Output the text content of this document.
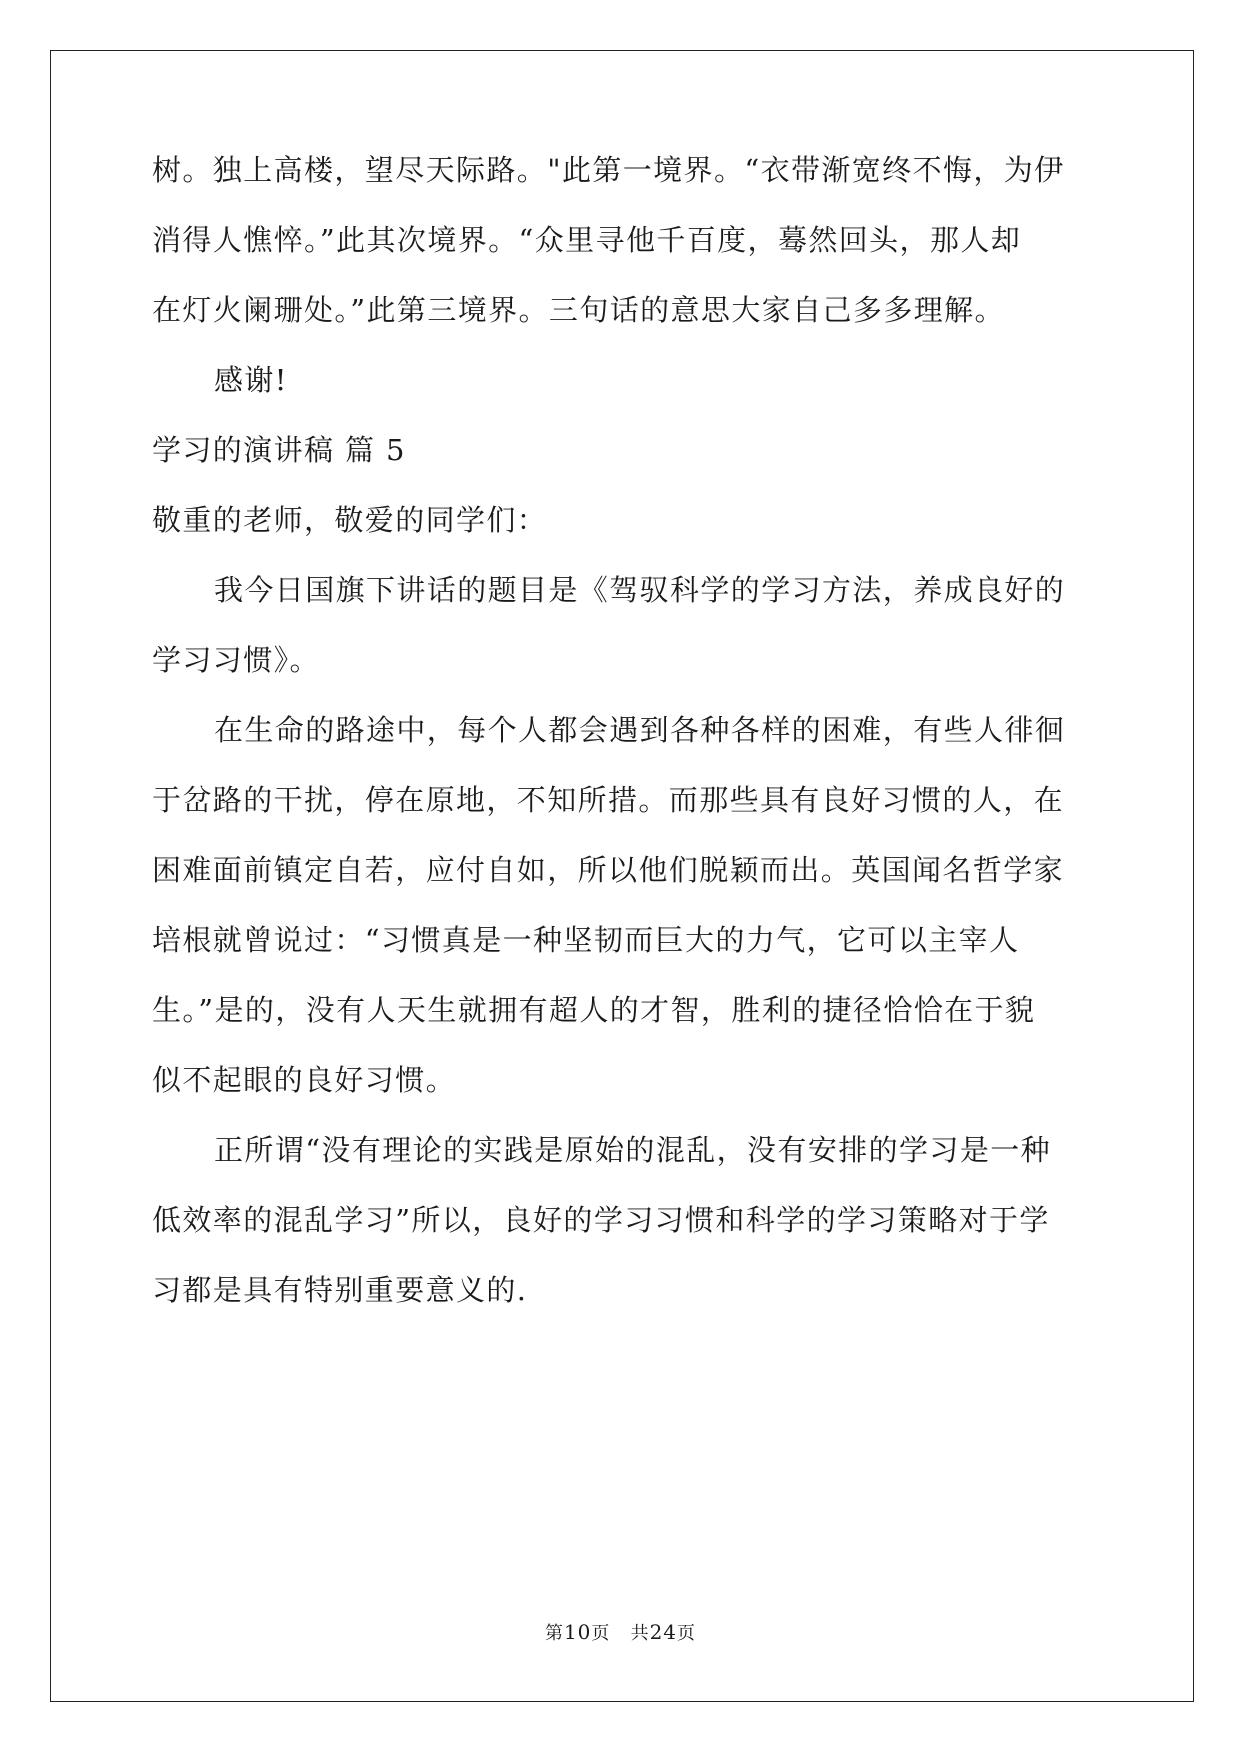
树。独上高楼，望尽天际路。"此第一境界。“衣带渐宽终不悔，为伊
消得人憔悴。”此其次境界。“众里寻他千百度，蓦然回头，那人却
在灯火阑珊处。”此第三境界。三句话的意思大家自己多多理解。
感谢!
学习的演讲稿 篇 5
敬重的老师，敬爱的同学们：
我今日国旗下讲话的题目是《驾驭科学的学习方法，养成良好的
学习习惯》。
在生命的路途中，每个人都会遇到各种各样的困难，有些人徘徊
于岔路的干扰，停在原地，不知所措。而那些具有良好习惯的人，在
困难面前镇定自若，应付自如，所以他们脱颖而出。英国闻名哲学家
培根就曾说过：“习惯真是一种坚韧而巨大的力气，它可以主宰人
生。”是的，没有人天生就拥有超人的才智，胜利的捷径恰恰在于貌
似不起眼的良好习惯。
正所谓“没有理论的实践是原始的混乱，没有安排的学习是一种
低效率的混乱学习”所以，良好的学习习惯和科学的学习策略对于学
习都是具有特别重要意义的.
第10页 共24页
